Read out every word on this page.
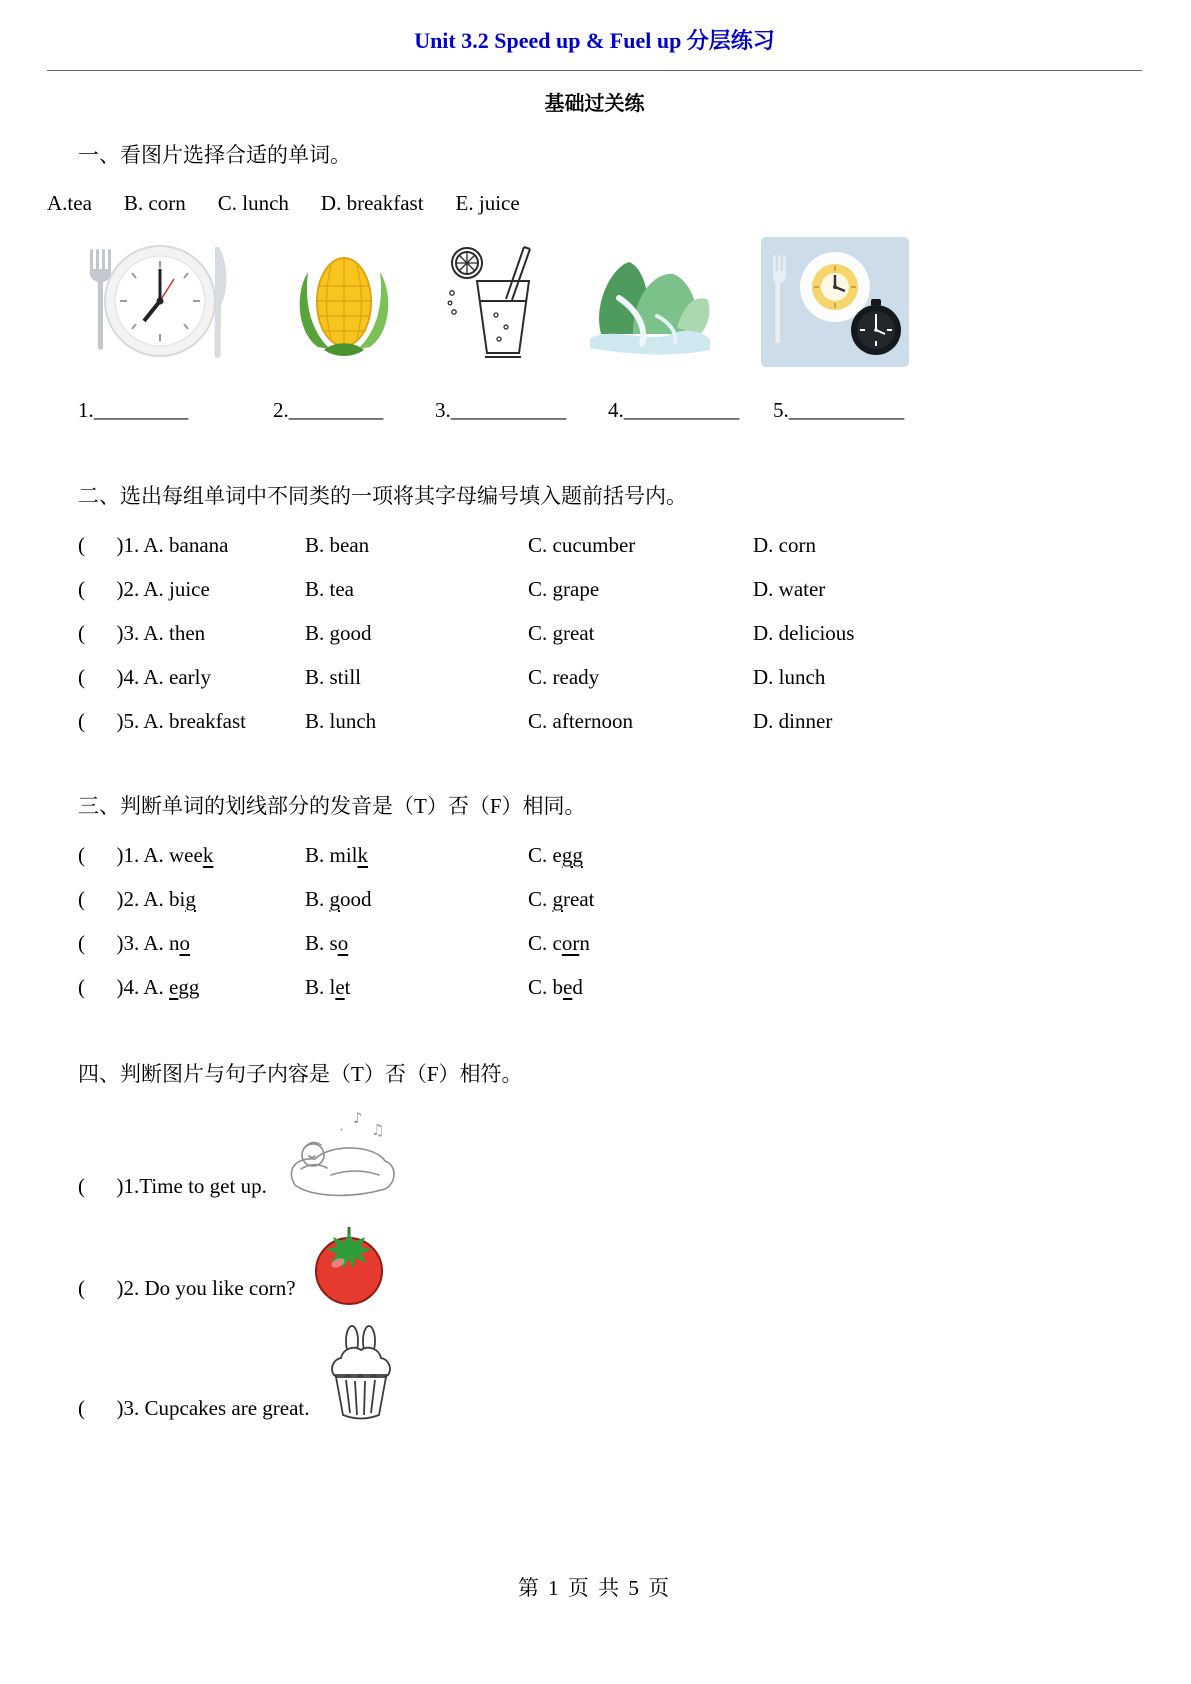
Unit 3.2 Speed up & Fuel up 分层练习
基础过关练
一、看图片选择合适的单词。
A.tea B. corn C. lunch D. breakfast E. juice
1._________	2._________	3.___________	4.___________	5.___________
二、选出每组单词中不同类的一项将其字母编号填入题前括号内。
(      )1. A. banana	B. bean	C. cucumber	D. corn
(      )2. A. juice	B. tea	C. grape	D. water
(      )3. A. then	B. good	C. great	D. delicious
(      )4. A. early	B. still	C. ready	D. lunch
(      )5. A. breakfast	B. lunch	C. afternoon	D. dinner
三、判断单词的划线部分的发音是（T）否（F）相同。
(      )1. A. week	B. milk	C. egg
(      )2. A. big	B. good	C. great
(      )3. A. no	B. so	C. corn
(      )4. A. egg	B. let	C. bed
四、判断图片与句子内容是（T）否（F）相符。
(      )1.Time to get up.
♪
♫
·
(      )2. Do you like corn?
(      )3. Cupcakes are great.
第 1 页 共 5 页
